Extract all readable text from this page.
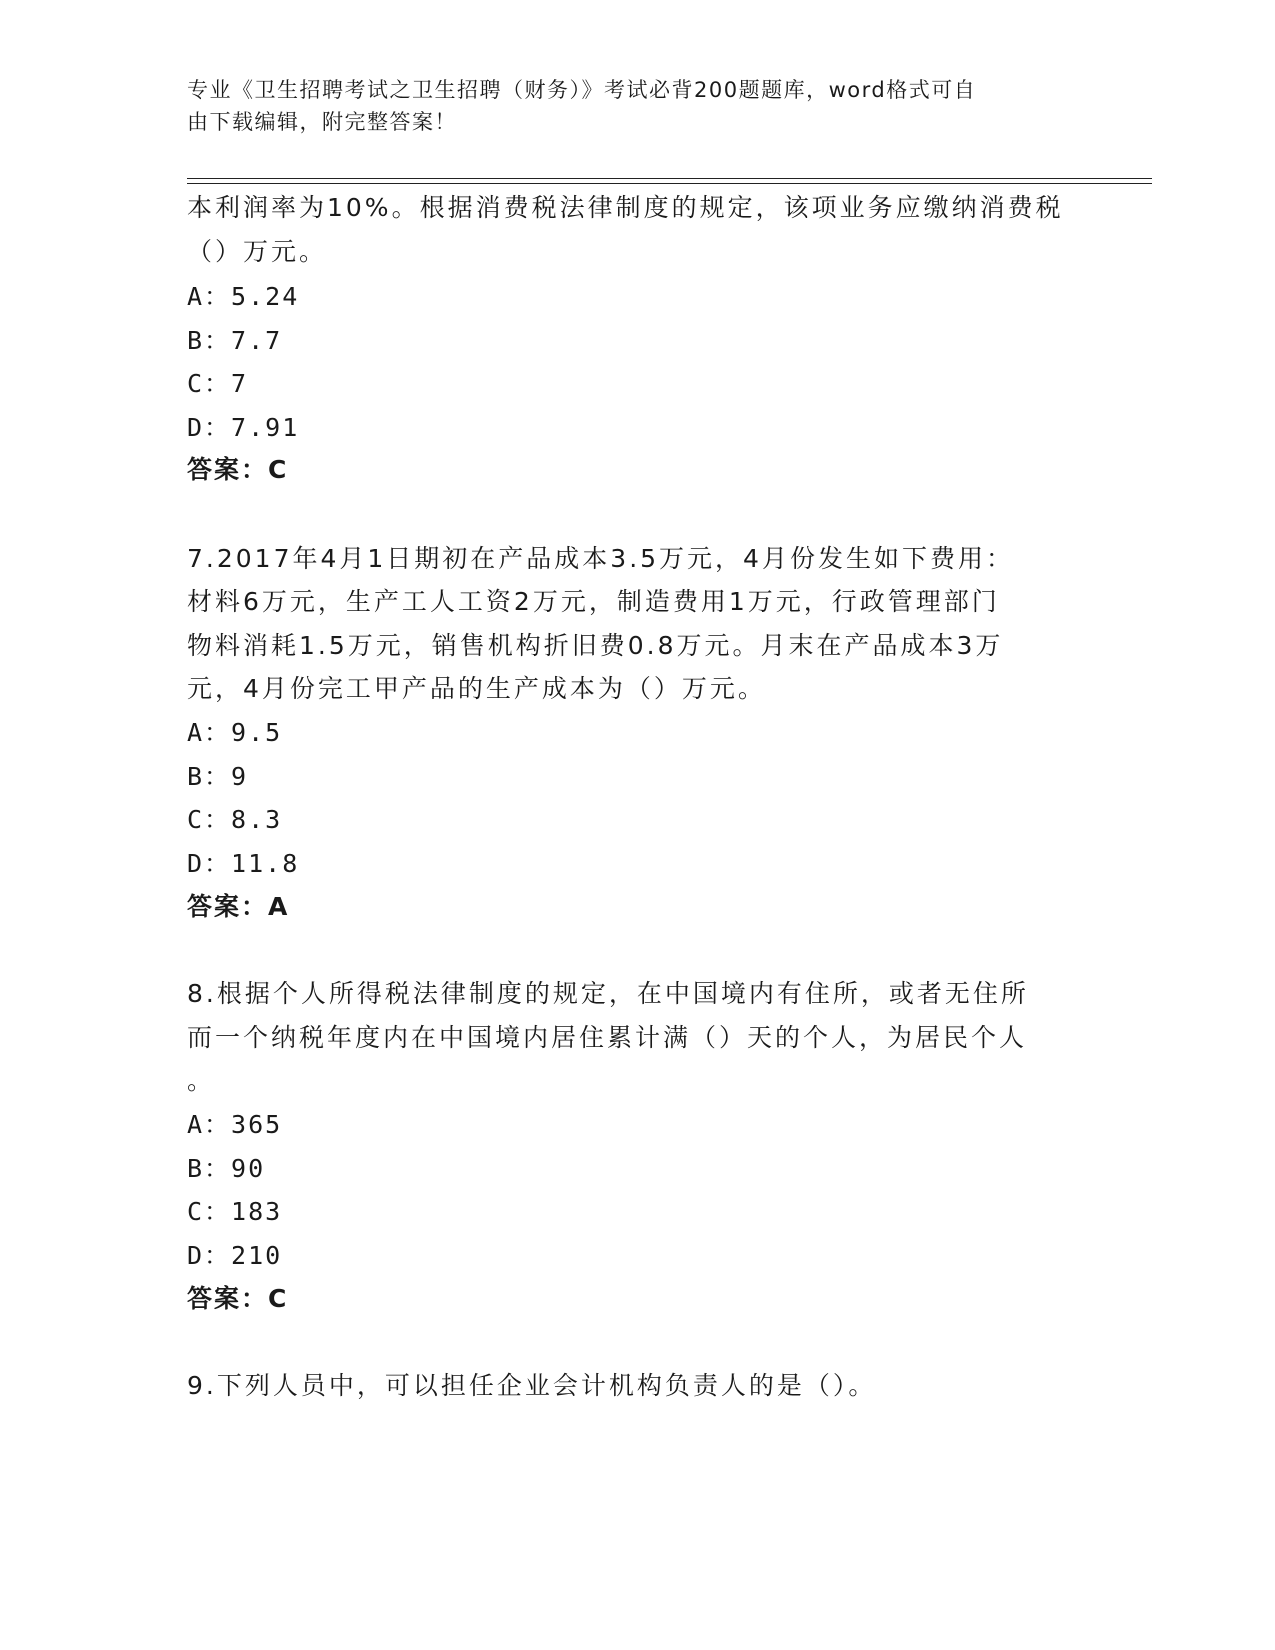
专业《卫生招聘考试之卫生招聘（财务）》考试必背200题题库，word格式可自
由下载编辑，附完整答案！
本利润率为10%。根据消费税法律制度的规定，该项业务应缴纳消费税
（）万元。
A：5.24
B：7.7
C：7
D：7.91
答案：C
7.2017年4月1日期初在产品成本3.5万元，4月份发生如下费用：
材料6万元，生产工人工资2万元，制造费用1万元，行政管理部门
物料消耗1.5万元，销售机构折旧费0.8万元。月末在产品成本3万
元，4月份完工甲产品的生产成本为（）万元。
A：9.5
B：9
C：8.3
D：11.8
答案：A
8.根据个人所得税法律制度的规定，在中国境内有住所，或者无住所
而一个纳税年度内在中国境内居住累计满（）天的个人，为居民个人
。
A：365
B：90
C：183
D：210
答案：C
9.下列人员中，可以担任企业会计机构负责人的是（）。
